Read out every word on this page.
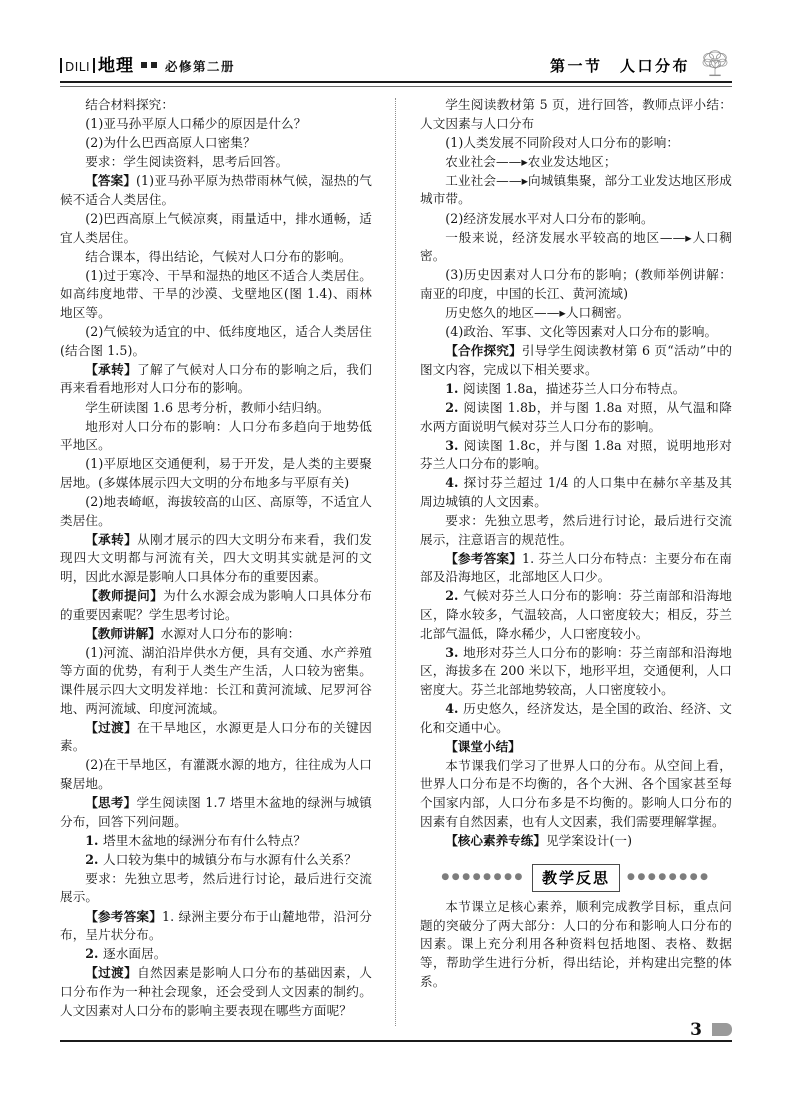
DILI 地理 必修第二册	第一节　人口分布

结合材料探究：

(1)亚马孙平原人口稀少的原因是什么？

(2)为什么巴西高原人口密集？

要求：学生阅读资料，思考后回答。

【答案】(1)亚马孙平原为热带雨林气候，湿热的气候不适合人类居住。

(2)巴西高原上气候凉爽，雨量适中，排水通畅，适宜人类居住。

结合课本，得出结论，气候对人口分布的影响。

(1)过于寒冷、干旱和湿热的地区不适合人类居住。如高纬度地带、干旱的沙漠、戈壁地区(图 1.4)、雨林地区等。

(2)气候较为适宜的中、低纬度地区，适合人类居住(结合图 1.5)。

【承转】了解了气候对人口分布的影响之后，我们再来看看地形对人口分布的影响。

学生研读图 1.6 思考分析，教师小结归纳。

地形对人口分布的影响：人口分布多趋向于地势低平地区。

(1)平原地区交通便利，易于开发，是人类的主要聚居地。(多媒体展示四大文明的分布地多与平原有关)

(2)地表崎岖，海拔较高的山区、高原等，不适宜人类居住。

【承转】从刚才展示的四大文明分布来看，我们发现四大文明都与河流有关，四大文明其实就是河的文明，因此水源是影响人口具体分布的重要因素。

【教师提问】为什么水源会成为影响人口具体分布的重要因素呢？学生思考讨论。

【教师讲解】水源对人口分布的影响：

(1)河流、湖泊沿岸供水方便，具有交通、水产养殖等方面的优势，有利于人类生产生活，人口较为密集。课件展示四大文明发祥地：长江和黄河流域、尼罗河谷地、两河流域、印度河流域。

【过渡】在干旱地区，水源更是人口分布的关键因素。

(2)在干旱地区，有灌溉水源的地方，往往成为人口聚居地。

【思考】学生阅读图 1.7 塔里木盆地的绿洲与城镇分布，回答下列问题。

1. 塔里木盆地的绿洲分布有什么特点？

2. 人口较为集中的城镇分布与水源有什么关系？

要求：先独立思考，然后进行讨论，最后进行交流展示。

【参考答案】1. 绿洲主要分布于山麓地带，沿河分布，呈片状分布。

2. 逐水面居。

【过渡】自然因素是影响人口分布的基础因素，人口分布作为一种社会现象，还会受到人文因素的制约。人文因素对人口分布的影响主要表现在哪些方面呢？

学生阅读教材第 5 页，进行回答，教师点评小结：人文因素与人口分布

(1)人类发展不同阶段对人口分布的影响：

农业社会——▸农业发达地区；

工业社会——▸向城镇集聚，部分工业发达地区形成城市带。

(2)经济发展水平对人口分布的影响。

一般来说，经济发展水平较高的地区——▸人口稠密。

(3)历史因素对人口分布的影响；(教师举例讲解：南亚的印度，中国的长江、黄河流域)

历史悠久的地区——▸人口稠密。

(4)政治、军事、文化等因素对人口分布的影响。

【合作探究】引导学生阅读教材第 6 页“活动”中的图文内容，完成以下相关要求。

1. 阅读图 1.8a，描述芬兰人口分布特点。

2. 阅读图 1.8b，并与图 1.8a 对照，从气温和降水两方面说明气候对芬兰人口分布的影响。

3. 阅读图 1.8c，并与图 1.8a 对照，说明地形对芬兰人口分布的影响。

4. 探讨芬兰超过 1/4 的人口集中在赫尔辛基及其周边城镇的人文因素。

要求：先独立思考，然后进行讨论，最后进行交流展示，注意语言的规范性。

【参考答案】1. 芬兰人口分布特点：主要分布在南部及沿海地区，北部地区人口少。

2. 气候对芬兰人口分布的影响：芬兰南部和沿海地区，降水较多，气温较高，人口密度较大；相反，芬兰北部气温低，降水稀少，人口密度较小。

3. 地形对芬兰人口分布的影响：芬兰南部和沿海地区，海拔多在 200 米以下，地形平坦，交通便利，人口密度大。芬兰北部地势较高，人口密度较小。

4. 历史悠久，经济发达，是全国的政治、经济、文化和交通中心。

【课堂小结】

本节课我们学习了世界人口的分布。从空间上看，世界人口分布是不均衡的，各个大洲、各个国家甚至每个国家内部，人口分布多是不均衡的。影响人口分布的因素有自然因素，也有人文因素，我们需要理解掌握。

【核心素养专练】见学案设计(一)

●●●●●●●●	教学反思	●●●●●●●●

本节课立足核心素养，顺利完成教学目标，重点问题的突破分了两大部分：人口的分布和影响人口分布的因素。课上充分利用各种资料包括地图、表格、数据等，帮助学生进行分析，得出结论，并构建出完整的体系。

3
